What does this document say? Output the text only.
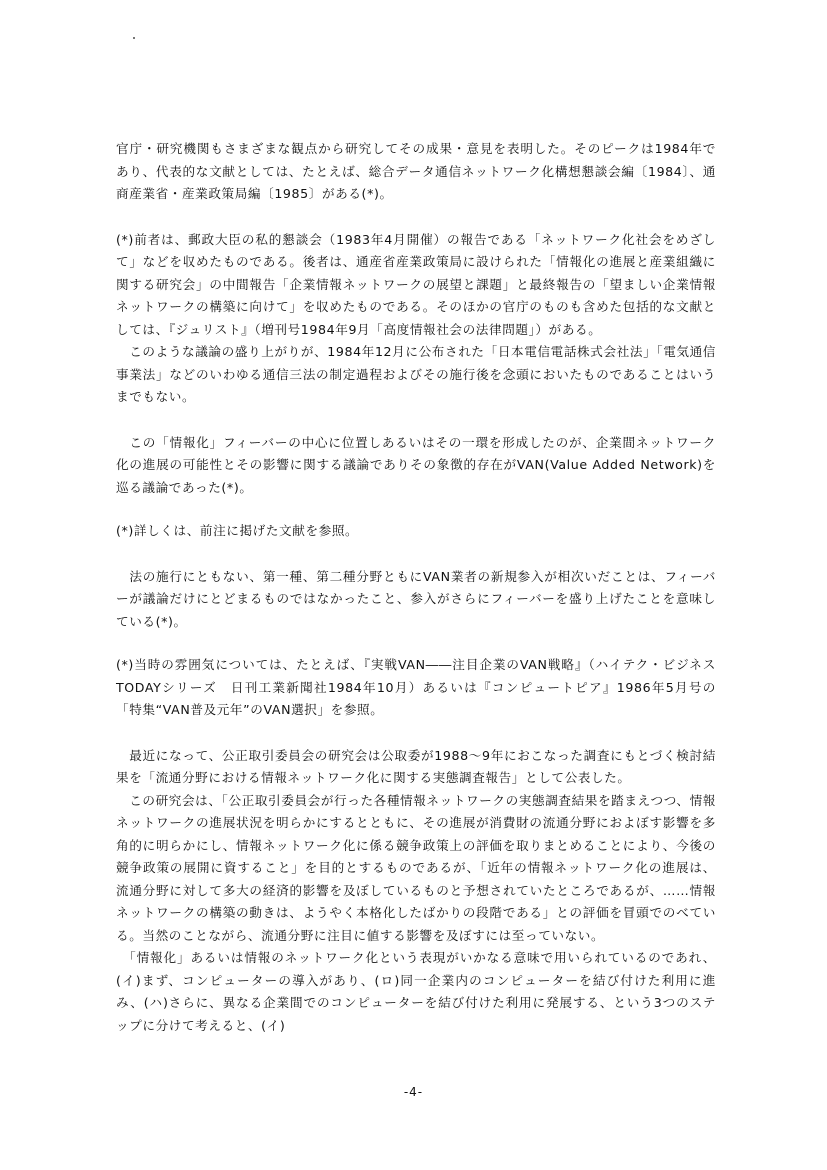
官庁・研究機関もさまざまな観点から研究してその成果・意見を表明した。そのピークは1984年であり、代表的な文献としては、たとえば、総合データ通信ネットワーク化構想懇談会編〔1984〕、通商産業省・産業政策局編〔1985〕がある(*)。

(*)前者は、郵政大臣の私的懇談会（1983年4月開催）の報告である「ネットワーク化社会をめざして」などを収めたものである。後者は、通産省産業政策局に設けられた「情報化の進展と産業組織に関する研究会」の中間報告「企業情報ネットワークの展望と課題」と最終報告の「望ましい企業情報ネットワークの構築に向けて」を収めたものである。そのほかの官庁のものも含めた包括的な文献としては、『ジュリスト』（増刊号1984年9月「高度情報社会の法律問題」）がある。
　このような議論の盛り上がりが、1984年12月に公布された「日本電信電話株式会社法」「電気通信事業法」などのいわゆる通信三法の制定過程およびその施行後を念頭においたものであることはいうまでもない。

　この「情報化」フィーバーの中心に位置しあるいはその一環を形成したのが、企業間ネットワーク化の進展の可能性とその影響に関する議論でありその象徴的存在がVAN(Value Added Network)を巡る議論であった(*)。

(*)詳しくは、前注に掲げた文献を参照。

　法の施行にともない、第一種、第二種分野ともにVAN業者の新規参入が相次いだことは、フィーバーが議論だけにとどまるものではなかったこと、参入がさらにフィーバーを盛り上げたことを意味している(*)。

(*)当時の雰囲気については、たとえば、『実戦VAN――注目企業のVAN戦略』（ハイテク・ビジネスTODAYシリーズ　日刊工業新聞社1984年10月）あるいは『コンピュートピア』1986年5月号の「特集“VAN普及元年”のVAN選択」を参照。

　最近になって、公正取引委員会の研究会は公取委が1988～9年におこなった調査にもとづく検討結果を「流通分野における情報ネットワーク化に関する実態調査報告」として公表した。
　この研究会は、「公正取引委員会が行った各種情報ネットワークの実態調査結果を踏まえつつ、情報ネットワークの進展状況を明らかにするとともに、その進展が消費財の流通分野におよぼす影響を多角的に明らかにし、情報ネットワーク化に係る競争政策上の評価を取りまとめることにより、今後の競争政策の展開に資すること」を目的とするものであるが、「近年の情報ネットワーク化の進展は、流通分野に対して多大の経済的影響を及ぼしているものと予想されていたところであるが、……情報ネットワークの構築の動きは、ようやく本格化したばかりの段階である」との評価を冒頭でのべている。当然のことながら、流通分野に注目に値する影響を及ぼすには至っていない。
　「情報化」あるいは情報のネットワーク化という表現がいかなる意味で用いられているのであれ、(イ)まず、コンピューターの導入があり、(ロ)同一企業内のコンピューターを結び付けた利用に進み、(ハ)さらに、異なる企業間でのコンピューターを結び付けた利用に発展する、という3つのステップに分けて考えると、(イ)

-4-
